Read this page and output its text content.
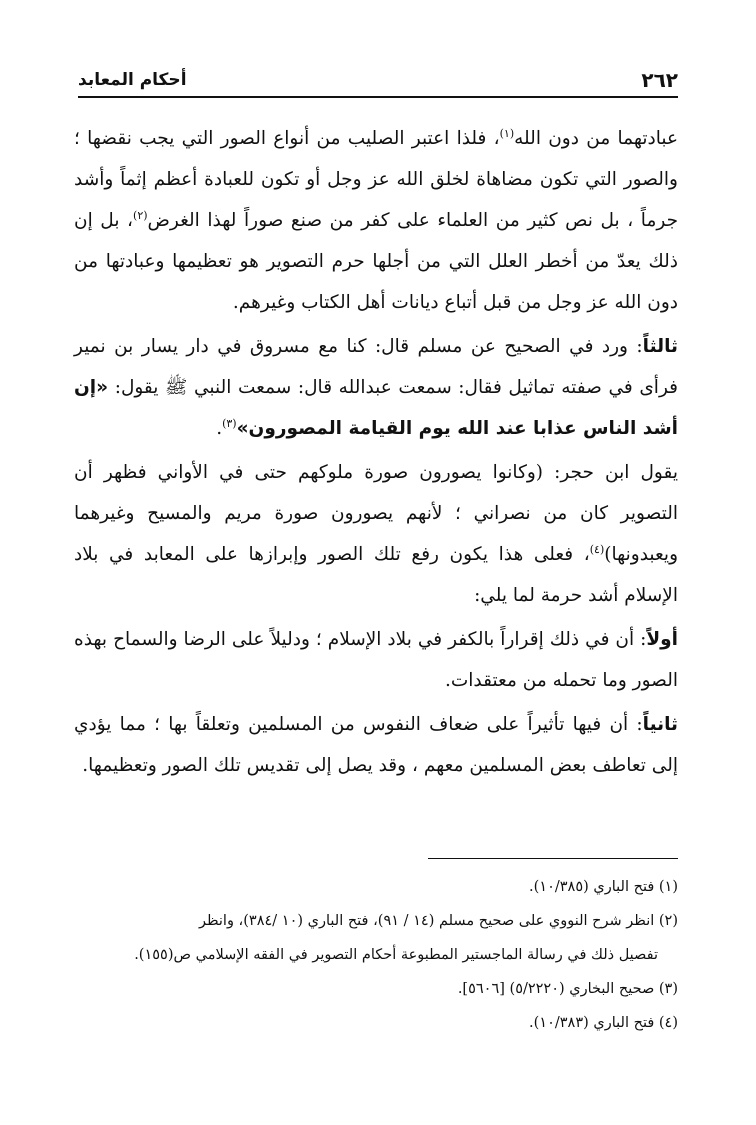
٢٦٢
أحكام المعابد

عبادتهما من دون الله$^{(١)}$، فلذا اعتبر الصليب من أنواع الصور التي يجب نقضها ؛ والصور التي تكون مضاهاة لخلق الله عز وجل أو تكون للعبادة أعظم إثماً وأشد جرماً ، بل نص كثير من العلماء على كفر من صنع صوراً لهذا الغرض$^{(٢)}$، بل إن ذلك يعدّ من أخطر العلل التي من أجلها حرم التصوير هو تعظيمها وعبادتها من دون الله عز وجل من قبل أتباع ديانات أهل الكتاب وغيرهم.

ثالثاً: ورد في الصحيح عن مسلم قال: كنا مع مسروق في دار يسار بن نمير فرأى في صفته تماثيل فقال: سمعت عبدالله قال: سمعت النبي ﷺ يقول: «إن أشد الناس عذابا عند الله يوم القيامة المصورون»$^{(٣)}$.

يقول ابن حجر: (وكانوا يصورون صورة ملوكهم حتى في الأواني فظهر أن التصوير كان من نصراني ؛ لأنهم يصورون صورة مريم والمسيح وغيرهما ويعبدونها)$^{(٤)}$، فعلى هذا يكون رفع تلك الصور وإبرازها على المعابد في بلاد الإسلام أشد حرمة لما يلي:

أولاً: أن في ذلك إقراراً بالكفر في بلاد الإسلام ؛ ودليلاً على الرضا والسماح بهذه الصور وما تحمله من معتقدات.

ثانياً: أن فيها تأثيراً على ضعاف النفوس من المسلمين وتعلقاً بها ؛ مما يؤدي إلى تعاطف بعض المسلمين معهم ، وقد يصل إلى تقديس تلك الصور وتعظيمها.

(١) فتح الباري (١٠/٣٨٥).

(٢) انظر شرح النووي على صحيح مسلم (١٤ / ٩١)، فتح الباري (١٠ /٣٨٤)، وانظر

تفصيل ذلك في رسالة الماجستير المطبوعة أحكام التصوير في الفقه الإسلامي ص(١٥٥).

(٣) صحيح البخاري (٥/٢٢٢٠) [٥٦٠٦].

(٤) فتح الباري (١٠/٣٨٣).
